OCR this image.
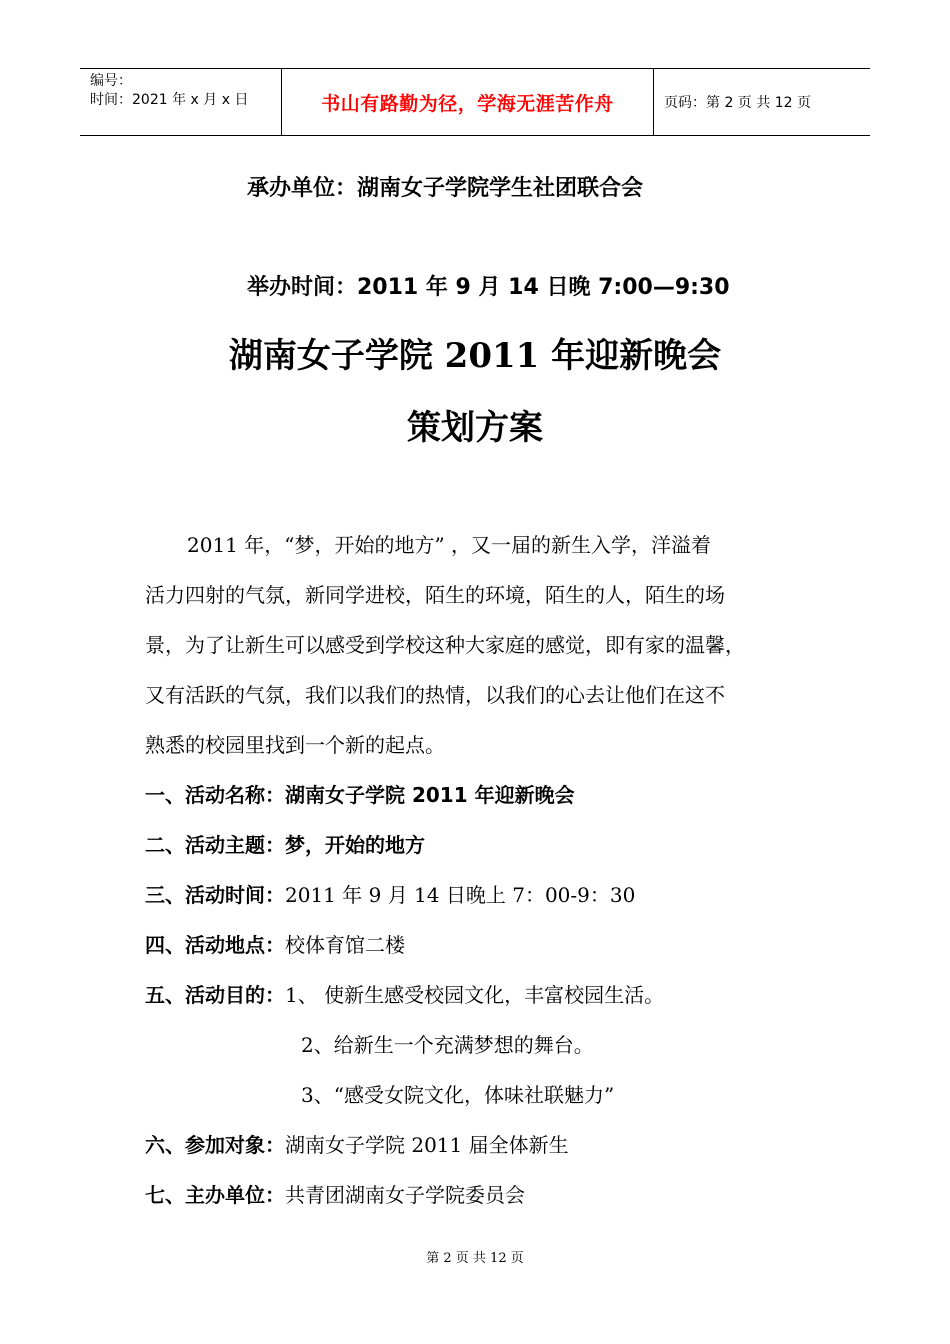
编号：
时间：2021 年 x 月 x 日	书山有路勤为径，学海无涯苦作舟	页码：第 2 页 共 12 页
承办单位：湖南女子学院学生社团联合会
举办时间：2011 年 9 月 14 日晚 7:00—9:30
湖南女子学院 2011 年迎新晚会
策划方案
2011 年，“梦，开始的地方” ，又一届的新生入学，洋溢着
活力四射的气氛，新同学进校，陌生的环境，陌生的人，陌生的场
景，为了让新生可以感受到学校这种大家庭的感觉，即有家的温馨，
又有活跃的气氛，我们以我们的热情，以我们的心去让他们在这不
熟悉的校园里找到一个新的起点。
一、活动名称：湖南女子学院 2011 年迎新晚会
二、活动主题：梦，开始的地方
三、活动时间：2011 年 9 月 14 日晚上 7：00-9：30
四、活动地点：校体育馆二楼
五、活动目的：1、 使新生感受校园文化，丰富校园生活。
2、给新生一个充满梦想的舞台。
3、“感受女院文化，体味社联魅力”
六、参加对象：湖南女子学院 2011 届全体新生
七、主办单位：共青团湖南女子学院委员会
第 2 页 共 12 页
